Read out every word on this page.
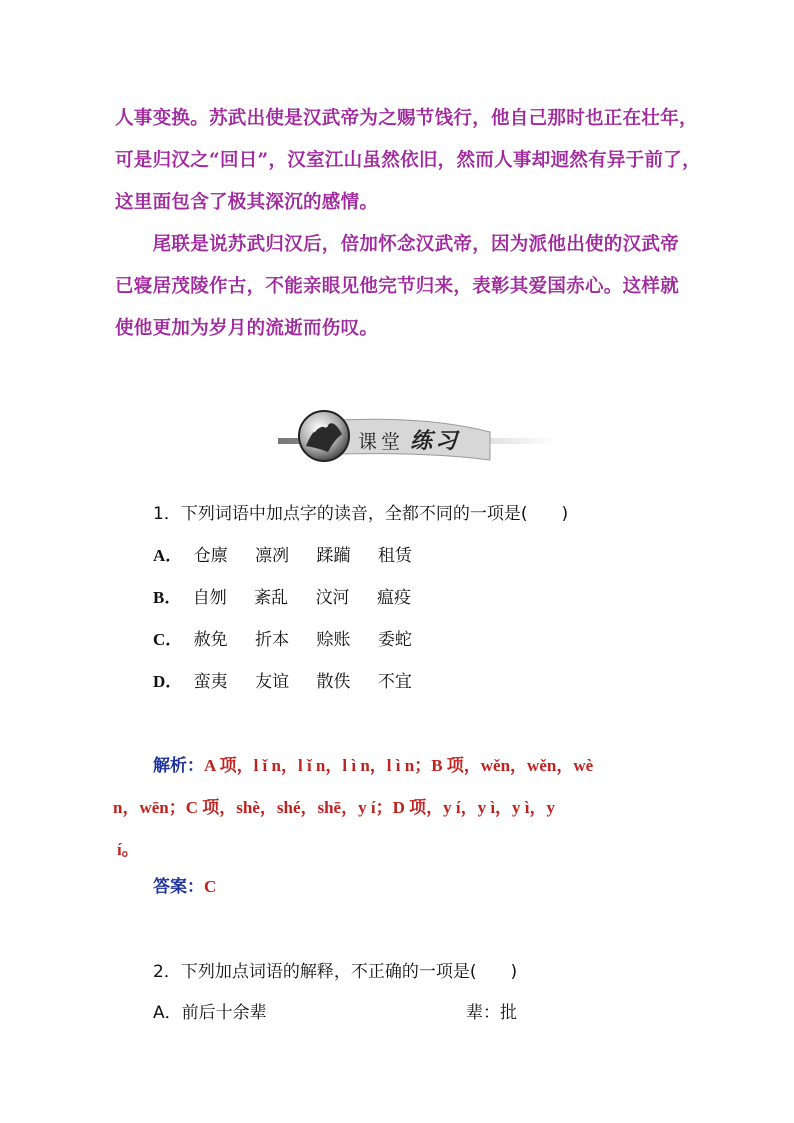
人事变换。苏武出使是汉武帝为之赐节饯行，他自己那时也正在壮年，
可是归汉之“回日”，汉室江山虽然依旧，然而人事却迥然有异于前了，
这里面包含了极其深沉的感情。
　　尾联是说苏武归汉后，倍加怀念汉武帝，因为派他出使的汉武帝
已寝居茂陵作古，不能亲眼见他完节归来，表彰其爱国赤心。这样就
使他更加为岁月的流逝而伤叹。
课堂 练习
1．下列词语中加点字的读音，全都不同的一项是(　　)
A． 仓廪 凛冽 蹂躏 租赁
B． 自刎 紊乱 汶河 瘟疫
C． 赦免 折本 赊账 委蛇
D． 蛮夷 友谊 散佚 不宜
解析：A 项，l ǐ n，l ǐ n，l ì n，l ì n；B 项，wěn，wěn，wè
n，wēn；C 项，shè，shé，shē，y í；D 项，y í，y ì，y ì，y
í。
答案：C
2．下列加点词语的解释，不正确的一项是(　　)
A．前后十余辈	辈：批
